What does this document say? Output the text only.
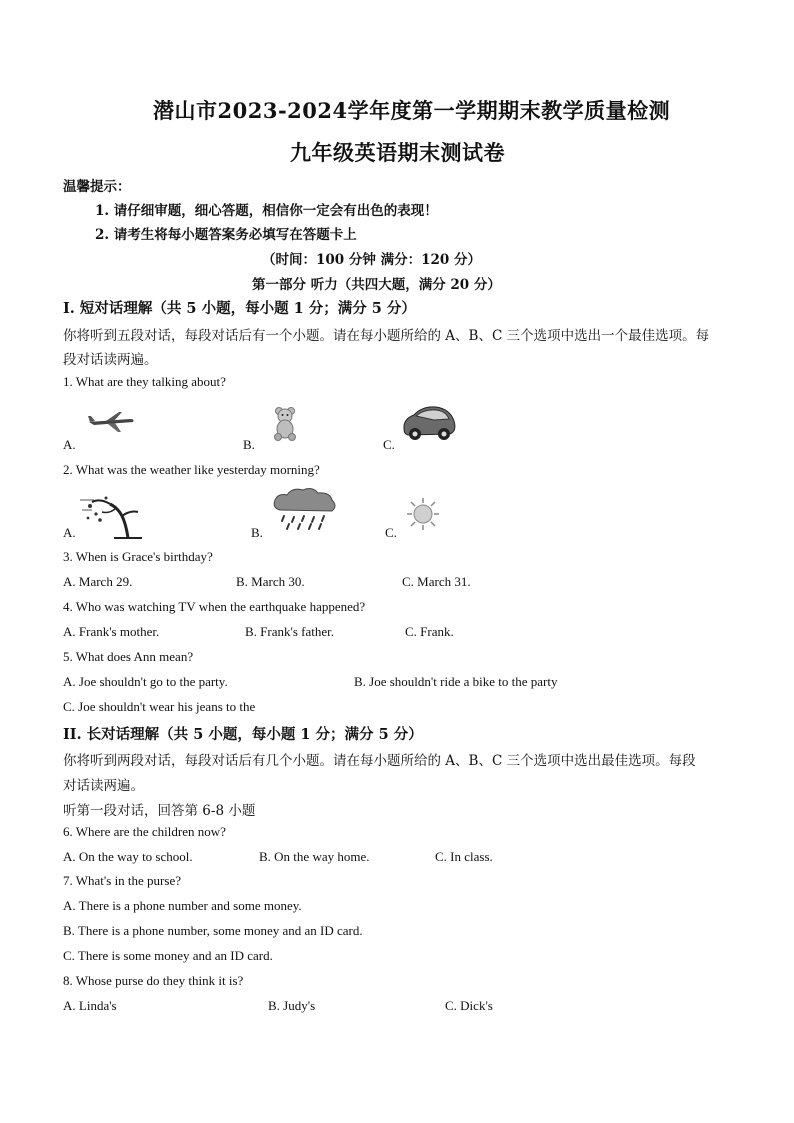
潜山市2023-2024学年度第一学期期末教学质量检测
九年级英语期末测试卷
温馨提示：
1. 请仔细审题，细心答题，相信你一定会有出色的表现！
2. 请考生将每小题答案务必填写在答题卡上
（时间：100 分钟 满分：120 分）
第一部分 听力（共四大题，满分 20 分）
I. 短对话理解（共 5 小题，每小题 1 分；满分 5 分）
你将听到五段对话，每段对话后有一个小题。请在每小题所给的 A、B、C 三个选项中选出一个最佳选项。每
段对话读两遍。
1. What are they talking about?
A.	B.	C.
2. What was the weather like yesterday morning?
A.	B.	C.
3. When is Grace's birthday?
A. March 29.	B. March 30.	C. March 31.
4. Who was watching TV when the earthquake happened?
A. Frank's mother.	B. Frank's father.	C. Frank.
5. What does Ann mean?
A. Joe shouldn't go to the party.	B. Joe shouldn't ride a bike to the party
C. Joe shouldn't wear his jeans to the
II. 长对话理解（共 5 小题，每小题 1 分；满分 5 分）
你将听到两段对话，每段对话后有几个小题。请在每小题所给的 A、B、C 三个选项中选出最佳选项。每段
对话读两遍。
听第一段对话，回答第 6-8 小题
6. Where are the children now?
A. On the way to school.	B. On the way home.	C. In class.
7. What's in the purse?
A. There is a phone number and some money.
B. There is a phone number, some money and an ID card.
C. There is some money and an ID card.
8. Whose purse do they think it is?
A. Linda's	B. Judy's	C. Dick's
